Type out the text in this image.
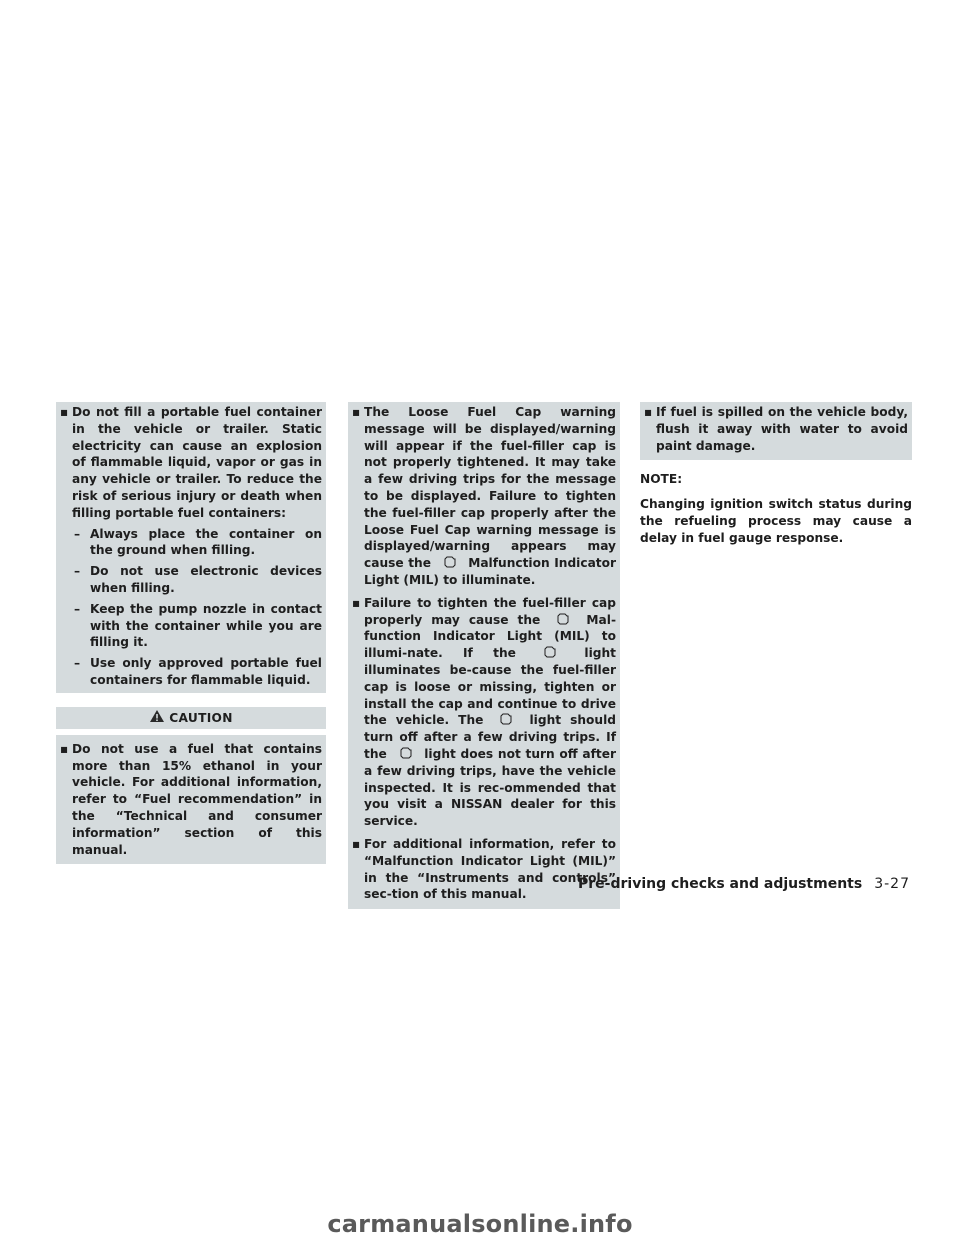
▪ Do not fill a portable fuel container in the vehicle or trailer. Static electricity can cause an explosion of flammable liquid, vapor or gas in any vehicle or trailer. To reduce the risk of serious injury or death when filling portable fuel containers:

– Always place the container on the ground when filling.

– Do not use electronic devices when filling.

– Keep the pump nozzle in contact with the container while you are filling it.

– Use only approved portable fuel containers for flammable liquid.

CAUTION

▪ Do not use a fuel that contains more than 15% ethanol in your vehicle. For additional information, refer to “Fuel recommendation” in the “Technical and consumer information” section of this manual.

▪ The Loose Fuel Cap warning message will be displayed/warning will appear if the fuel-filler cap is not properly tightened. It may take a few driving trips for the message to be displayed. Failure to tighten the fuel-filler cap properly after the Loose Fuel Cap warning message is displayed/warning appears may cause the	Malfunction Indicator Light (MIL) to illuminate.

▪ Failure to tighten the fuel-filler cap properly may cause the	Mal-function Indicator Light (MIL) to illumi-nate. If the	light illuminates be-cause the fuel-filler cap is loose or missing, tighten or install the cap and continue to drive the vehicle. The	light should turn off after a few driving trips. If the	light does not turn off after a few driving trips, have the vehicle inspected. It is rec-ommended that you visit a NISSAN dealer for this service.

▪ For additional information, refer to “Malfunction Indicator Light (MIL)” in the “Instruments and controls” sec-tion of this manual.

▪ If fuel is spilled on the vehicle body, flush it away with water to avoid paint damage.

NOTE:
Changing ignition switch status during the refueling process may cause a delay in fuel gauge response.
Pre-driving checks and adjustments 3-27
carmanualsonline.info
